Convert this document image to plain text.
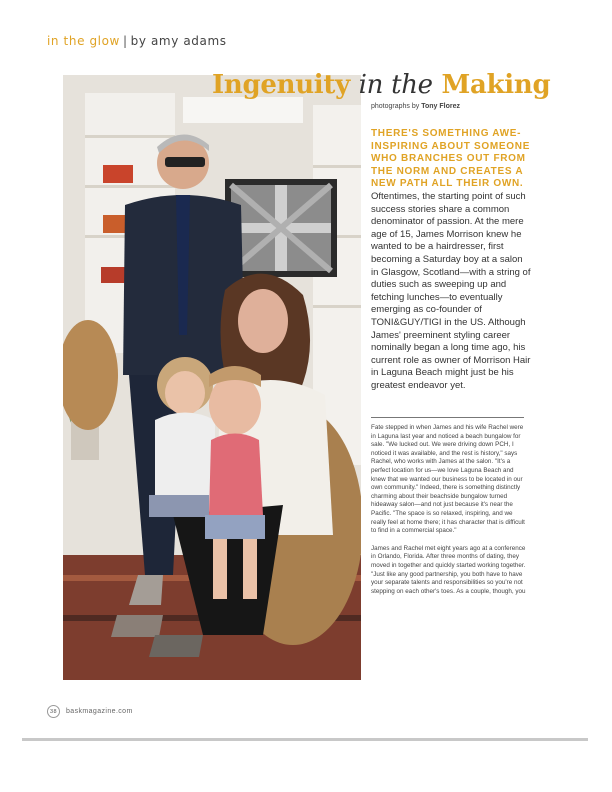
in the glow | by amy adams
Ingenuity in the Making
photographs by Tony Florez
THERE'S SOMETHING AWE-INSPIRING ABOUT SOMEONE WHO BRANCHES OUT FROM THE NORM AND CREATES A NEW PATH ALL THEIR OWN. Oftentimes, the starting point of such success stories share a common denominator of passion. At the mere age of 15, James Morrison knew he wanted to be a hairdresser, first becoming a Saturday boy at a salon in Glasgow, Scotland—with a string of duties such as sweeping up and fetching lunches—to eventually emerging as co-founder of TONI&GUY/TIGI in the US. Although James' preeminent styling career nominally began a long time ago, his current role as owner of Morrison Hair in Laguna Beach might just be his greatest endeavor yet.

Fate stepped in when James and his wife Rachel were in Laguna last year and noticed a beach bungalow for sale. "We lucked out. We were driving down PCH, I noticed it was available, and the rest is history," says Rachel, who works with James at the salon. "It's a perfect location for us—we love Laguna Beach and knew that we wanted our business to be located in our own community." Indeed, there is something distinctly charming about their beachside bungalow turned hideaway salon—and not just because it's near the Pacific. "The space is so relaxed, inspiring, and we really feel at home there; it has character that is difficult to find in a commercial space."

James and Rachel met eight years ago at a conference in Orlando, Florida. After three months of dating, they moved in together and quickly started working together. "Just like any good partnership, you both have to have your separate talents and responsibilities so you're not stepping on each other's toes. As a couple, though, you

38	baskmagazine.com
